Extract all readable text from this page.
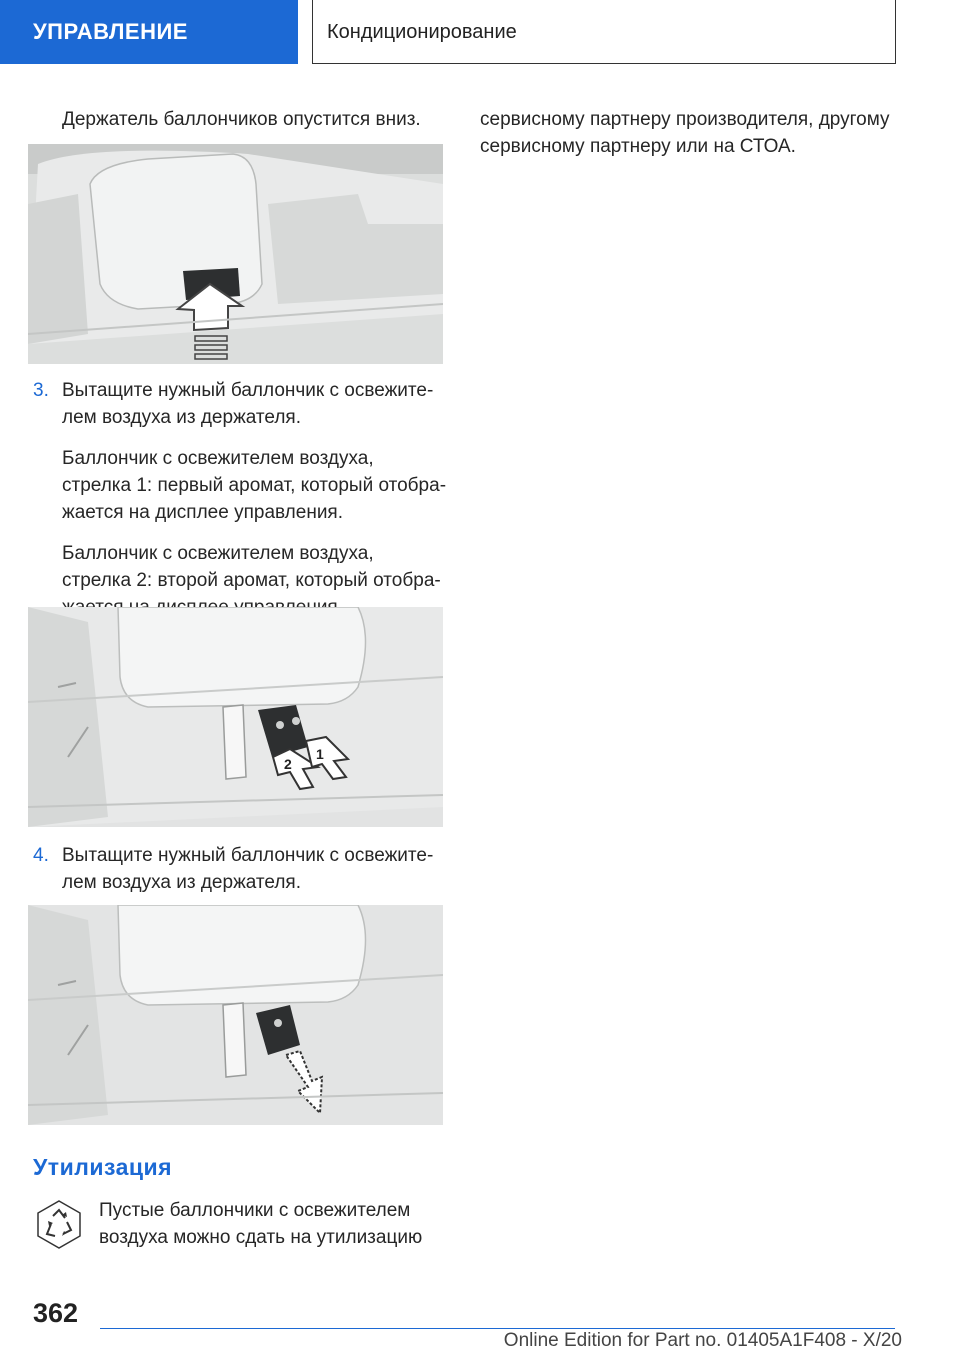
УПРАВЛЕНИЕ	Кондиционирование
Держатель баллончиков опустится вниз.
3. Вытащите нужный баллончик с освежите-
лем воздуха из держателя.
Баллончик с освежителем воздуха,
стрелка 1: первый аромат, который отобра-
жается на дисплее управления.
Баллончик с освежителем воздуха,
стрелка 2: второй аромат, который отобра-
2
1
4. Вытащите нужный баллончик с освежите-
лем воздуха из держателя.
Утилизация
Пустые баллончики с освежителем
воздуха можно сдать на утилизацию
сервисному партнеру производителя, другому
сервисному партнеру или на СТОА.
362
Online Edition for Part no. 01405A1F408 - X/20
